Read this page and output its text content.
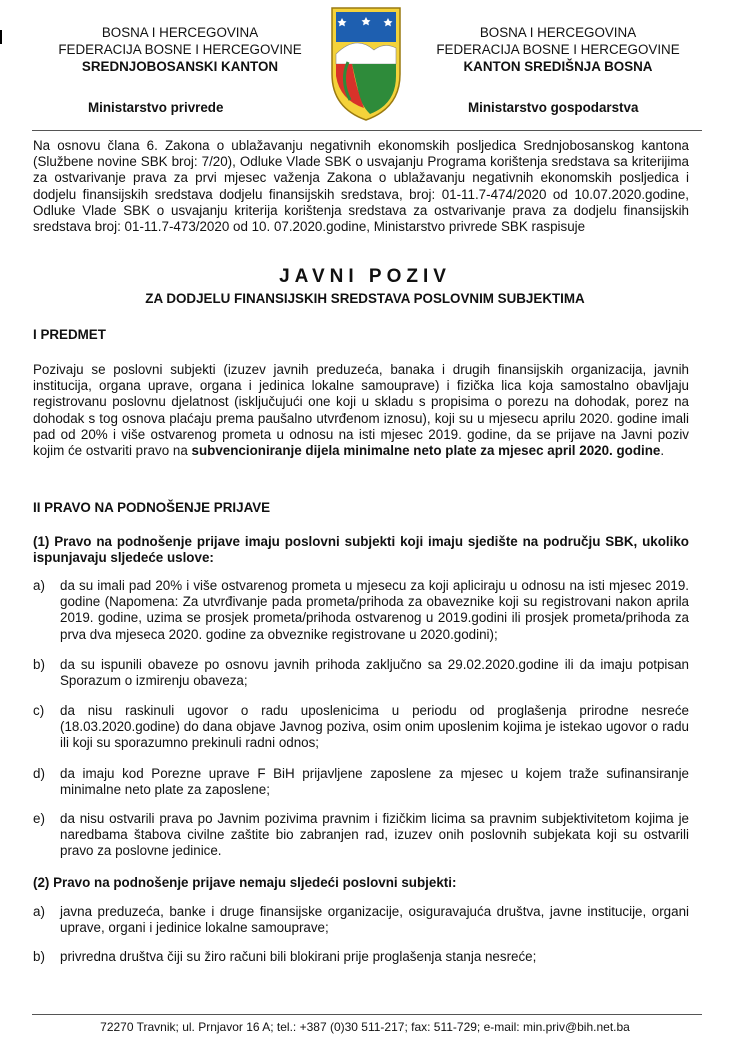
BOSNA I HERCEGOVINA
FEDERACIJA BOSNE I HERCEGOVINE
SREDNJOBOSANSKI KANTON
Ministarstvo privrede
BOSNA I HERCEGOVINA
FEDERACIJA BOSNE I HERCEGOVINE
KANTON SREDIŠNJA BOSNA
Ministarstvo gospodarstva
Na osnovu člana 6. Zakona o ublažavanju negativnih ekonomskih posljedica Srednjobosanskog kantona (Službene novine SBK broj: 7/20), Odluke Vlade SBK o usvajanju Programa korištenja sredstava sa kriterijima za ostvarivanje prava za prvi mjesec važenja Zakona o ublažavanju negativnih ekonomskih posljedica i dodjelu finansijskih sredstava dodjelu finansijskih sredstava, broj: 01-11.7-474/2020 od 10.07.2020.godine, Odluke Vlade SBK o usvajanju kriterija korištenja sredstava za ostvarivanje prava za dodjelu finansijskih sredstava broj: 01-11.7-473/2020 od 10. 07.2020.godine, Ministarstvo privrede SBK raspisuje
JAVNI POZIV
ZA DODJELU FINANSIJSKIH SREDSTAVA POSLOVNIM SUBJEKTIMA
I PREDMET
Pozivaju se poslovni subjekti (izuzev javnih preduzeća, banaka i drugih finansijskih organizacija, javnih institucija, organa uprave, organa i jedinica lokalne samouprave) i fizička lica koja samostalno obavljaju registrovanu poslovnu djelatnost (isključujući one koji u skladu s propisima o porezu na dohodak, porez na dohodak s tog osnova plaćaju prema paušalno utvrđenom iznosu), koji su u mjesecu aprilu 2020. godine imali pad od 20% i više ostvarenog prometa u odnosu na isti mjesec 2019. godine, da se prijave na Javni poziv kojim će ostvariti pravo na subvencioniranje dijela minimalne neto plate za mjesec april 2020. godine.
II PRAVO NA PODNOŠENJE PRIJAVE
(1) Pravo na podnošenje prijave imaju poslovni subjekti koji imaju sjedište na području SBK, ukoliko ispunjavaju sljedeće uslove:
a) da su imali pad 20% i više ostvarenog prometa u mjesecu za koji apliciraju u odnosu na isti mjesec 2019. godine (Napomena: Za utvrđivanje pada prometa/prihoda za obaveznike koji su registrovani nakon aprila 2019. godine, uzima se prosjek prometa/prihoda ostvarenog u 2019.godini ili prosjek prometa/prihoda za prva dva mjeseca 2020. godine za obveznike registrovane u 2020.godini);
b) da su ispunili obaveze po osnovu javnih prihoda zaključno sa 29.02.2020.godine ili da imaju potpisan Sporazum o izmirenju obaveza;
c) da nisu raskinuli ugovor o radu uposlenicima u periodu od proglašenja prirodne nesreće (18.03.2020.godine) do dana objave Javnog poziva, osim onim uposlenim kojima je istekao ugovor o radu ili koji su sporazumno prekinuli radni odnos;
d) da imaju kod Porezne uprave F BiH prijavljene zaposlene za mjesec u kojem traže sufinansiranje minimalne neto plate za zaposlene;
e) da nisu ostvarili prava po Javnim pozivima pravnim i fizičkim licima sa pravnim subjektivitetom kojima je naredbama štabova civilne zaštite bio zabranjen rad, izuzev onih poslovnih subjekata koji su ostvarili pravo za poslovne jedinice.
(2) Pravo na podnošenje prijave nemaju sljedeći poslovni subjekti:
a) javna preduzeća, banke i druge finansijske organizacije, osiguravajuća društva, javne institucije, organi uprave, organi i jedinice lokalne samouprave;
b) privredna društva čiji su žiro računi bili blokirani prije proglašenja stanja nesreće;
72270 Travnik; ul. Prnjavor 16 A; tel.: +387 (0)30 511-217; fax: 511-729; e-mail: min.priv@bih.net.ba
